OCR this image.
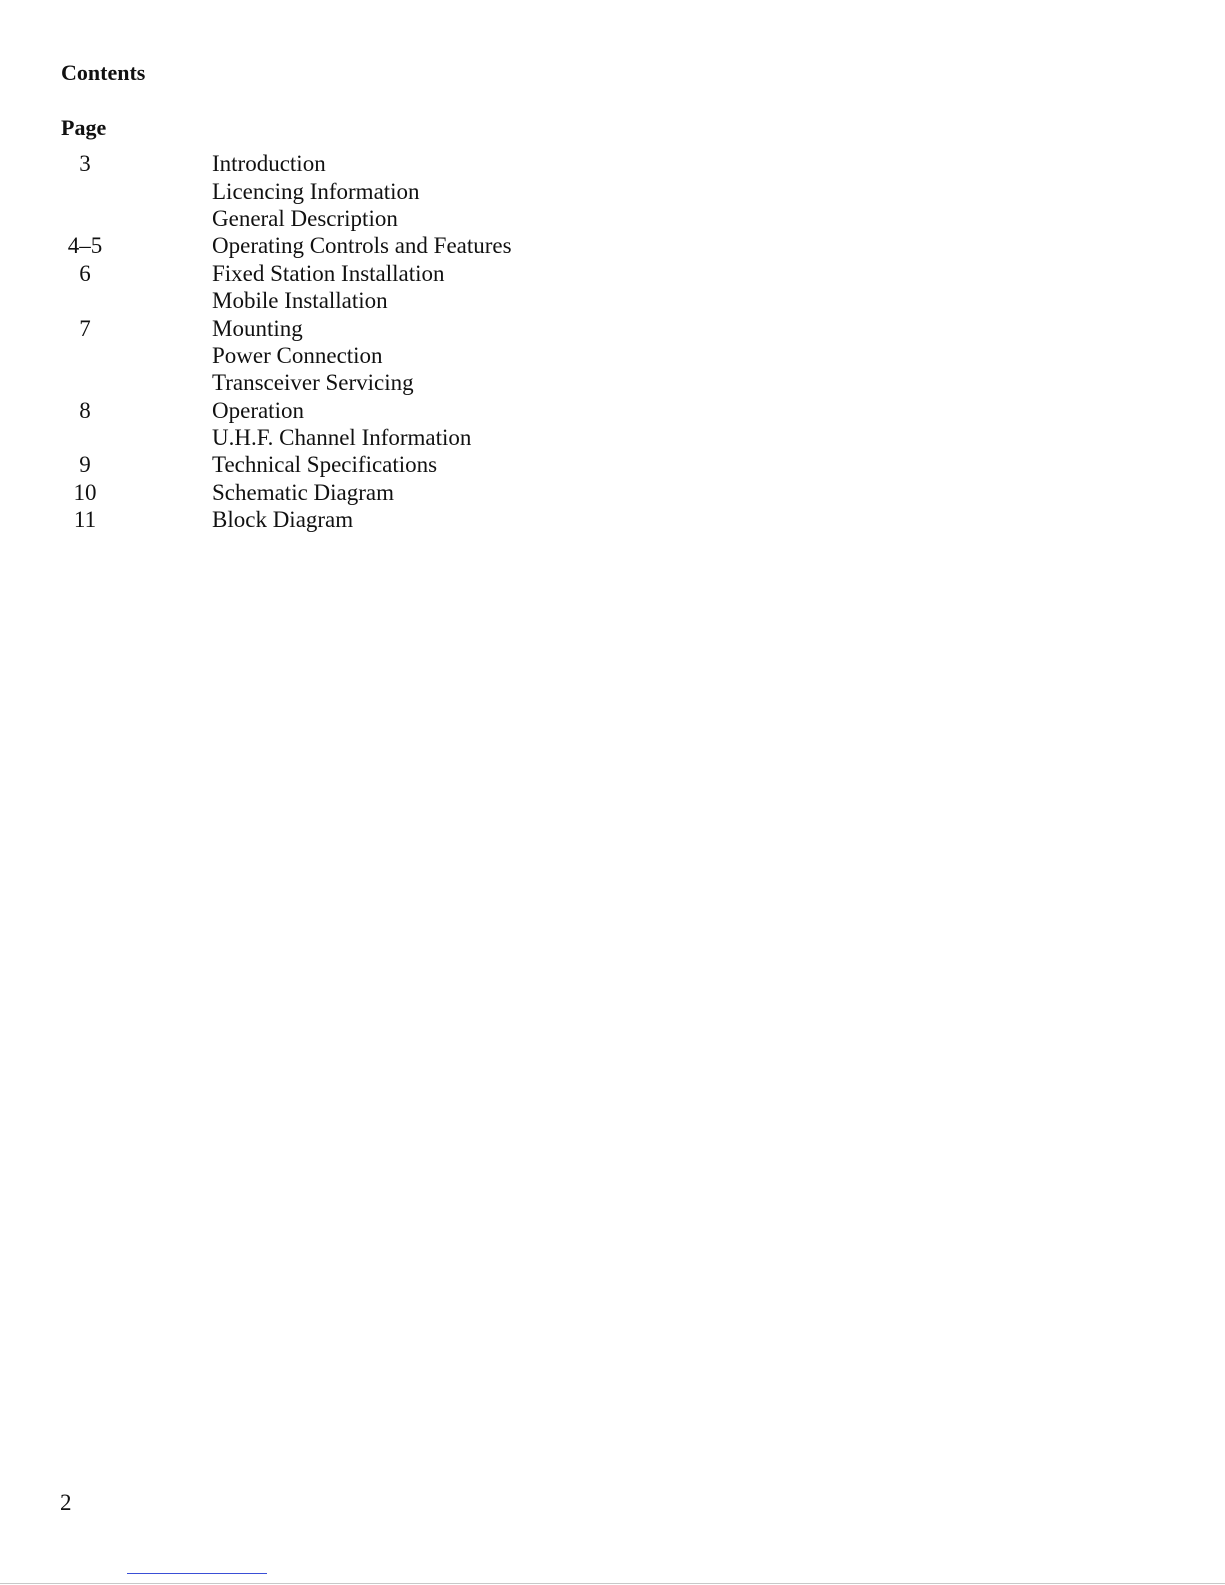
Contents
Page
3	Introduction
Licencing Information
General Description
4–5	Operating Controls and Features
6	Fixed Station Installation
Mobile Installation
7	Mounting
Power Connection
Transceiver Servicing
8	Operation
U.H.F. Channel Information
9	Technical Specifications
10	Schematic Diagram
11	Block Diagram

2
